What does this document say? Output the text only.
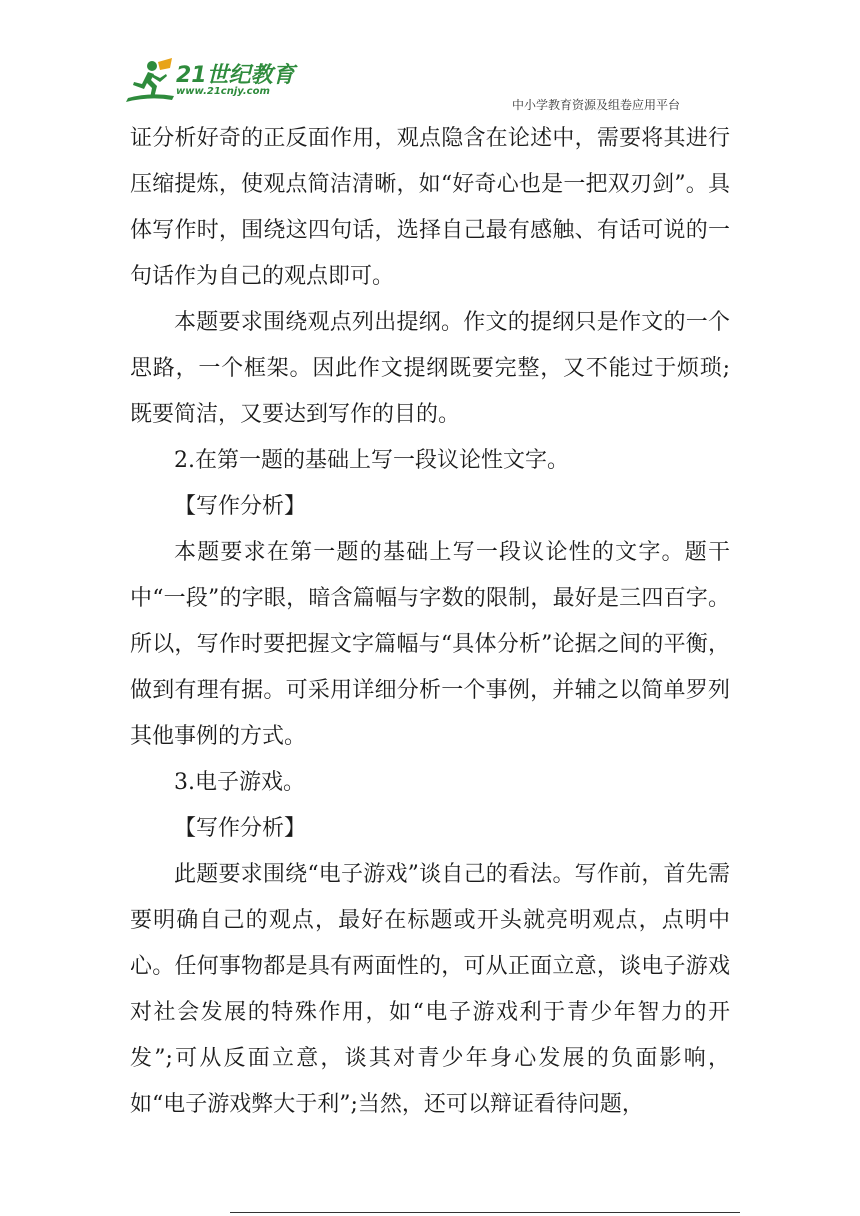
21世纪教育
www.21cnjy.com
中小学教育资源及组卷应用平台

证分析好奇的正反面作用，观点隐含在论述中，需要将其进行压缩提炼，使观点简洁清晰，如“好奇心也是一把双刃剑”。具体写作时，围绕这四句话，选择自己最有感触、有话可说的一句话作为自己的观点即可。

本题要求围绕观点列出提纲。作文的提纲只是作文的一个思路，一个框架。因此作文提纲既要完整，又不能过于烦琐;既要简洁，又要达到写作的目的。

2.在第一题的基础上写一段议论性文字。

【写作分析】

本题要求在第一题的基础上写一段议论性的文字。题干中“一段”的字眼，暗含篇幅与字数的限制，最好是三四百字。所以，写作时要把握文字篇幅与“具体分析”论据之间的平衡，做到有理有据。可采用详细分析一个事例，并辅之以简单罗列其他事例的方式。

3.电子游戏。

【写作分析】

此题要求围绕“电子游戏”谈自己的看法。写作前，首先需要明确自己的观点，最好在标题或开头就亮明观点，点明中心。任何事物都是具有两面性的，可从正面立意，谈电子游戏对社会发展的特殊作用，如“电子游戏利于青少年智力的开发”;可从反面立意，谈其对青少年身心发展的负面影响，如“电子游戏弊大于利”;当然，还可以辩证看待问题，
